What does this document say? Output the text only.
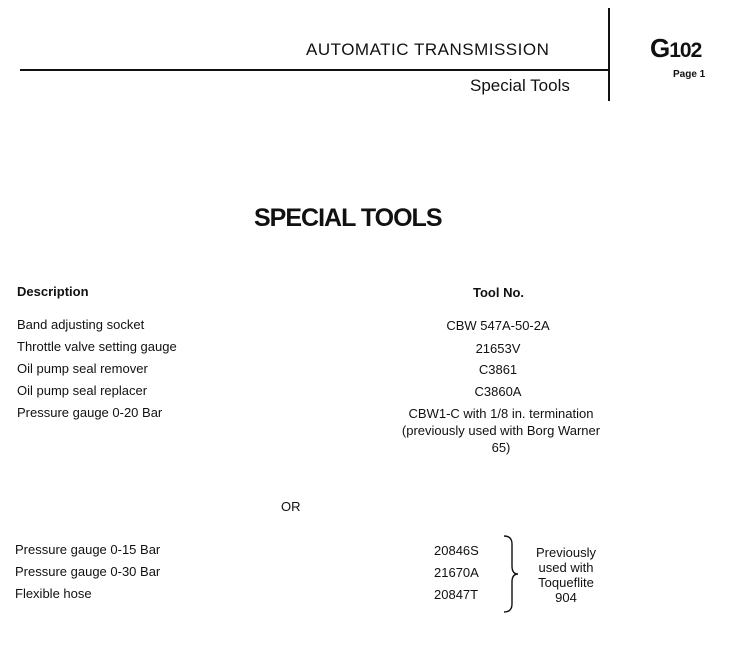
AUTOMATIC TRANSMISSION
Special Tools
G102
Page 1
SPECIAL TOOLS
Description	Tool No.
Band adjusting socket	CBW 547A-50-2A
Throttle valve setting gauge	21653V
Oil pump seal remover	C3861
Oil pump seal replacer	C3860A
Pressure gauge 0-20 Bar	CBW1-C with 1/8 in. termination (previously used with Borg Warner 65)
OR
Pressure gauge 0-15 Bar	20846S
Pressure gauge 0-30 Bar	21670A
Flexible hose	20847T
Previously used with Toqueflite 904
